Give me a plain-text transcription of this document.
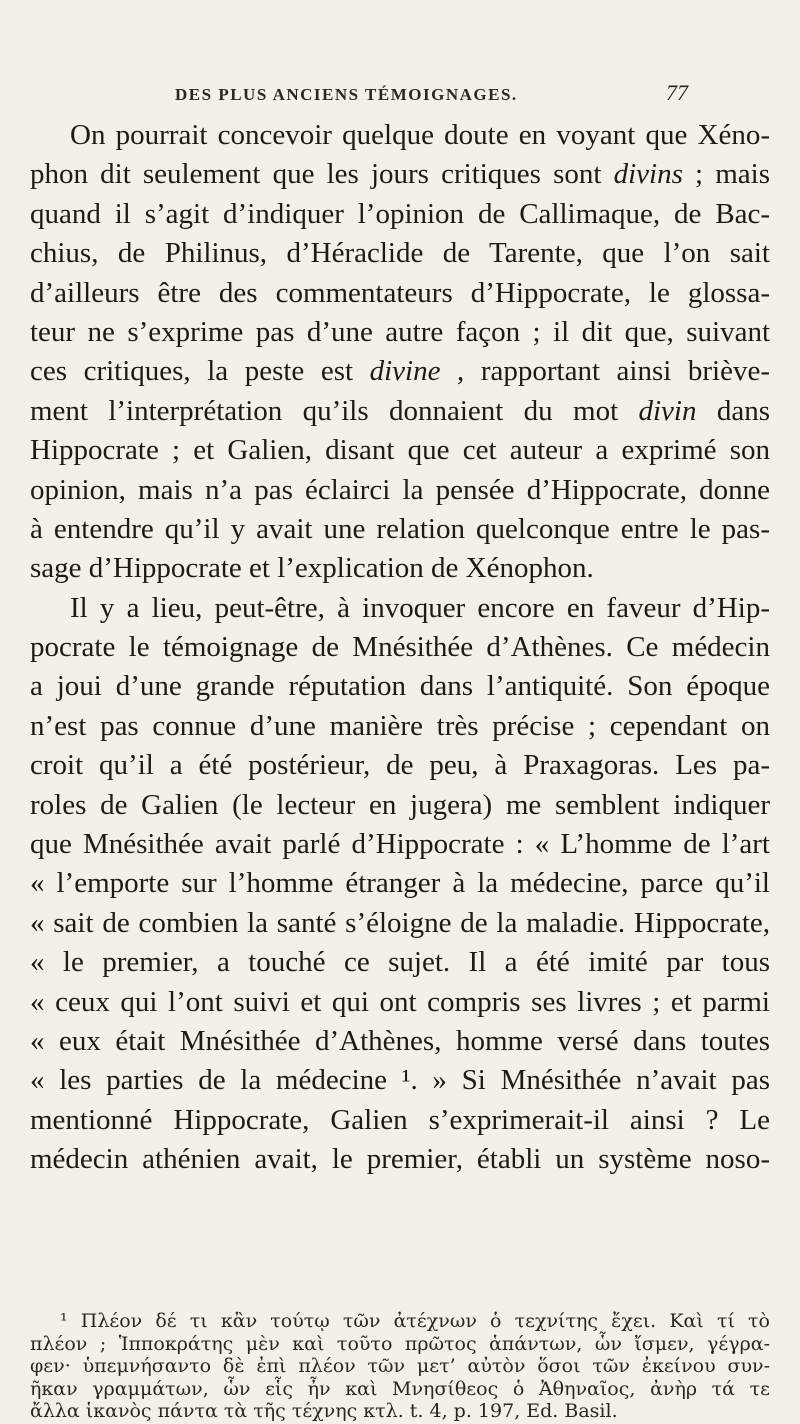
DES PLUS ANCIENS TÉMOIGNAGES.	77
On pourrait concevoir quelque doute en voyant que Xéno-
phon dit seulement que les jours critiques sont divins ; mais
quand il s’agit d’indiquer l’opinion de Callimaque, de Bac-
chius, de Philinus, d’Héraclide de Tarente, que l’on sait
d’ailleurs être des commentateurs d’Hippocrate, le glossa-
teur ne s’exprime pas d’une autre façon ; il dit que, suivant
ces critiques, la peste est divine , rapportant ainsi briève-
ment l’interprétation qu’ils donnaient du mot divin dans
Hippocrate ; et Galien, disant que cet auteur a exprimé son
opinion, mais n’a pas éclairci la pensée d’Hippocrate, donne
à entendre qu’il y avait une relation quelconque entre le pas-
sage d’Hippocrate et l’explication de Xénophon.
Il y a lieu, peut-être, à invoquer encore en faveur d’Hip-
pocrate le témoignage de Mnésithée d’Athènes. Ce médecin
a joui d’une grande réputation dans l’antiquité. Son époque
n’est pas connue d’une manière très précise ; cependant on
croit qu’il a été postérieur, de peu, à Praxagoras. Les pa-
roles de Galien (le lecteur en jugera) me semblent indiquer
que Mnésithée avait parlé d’Hippocrate : « L’homme de l’art
« l’emporte sur l’homme étranger à la médecine, parce qu’il
« sait de combien la santé s’éloigne de la maladie. Hippocrate,
« le premier, a touché ce sujet. Il a été imité par tous
« ceux qui l’ont suivi et qui ont compris ses livres ; et parmi
« eux était Mnésithée d’Athènes, homme versé dans toutes
« les parties de la médecine ¹. » Si Mnésithée n’avait pas
mentionné Hippocrate, Galien s’exprimerait-il ainsi ? Le
médecin athénien avait, le premier, établi un système noso-
¹ Πλέον δέ τι κἂν τούτῳ τῶν ἀτέχνων ὁ τεχνίτης ἔχει. Καὶ τί τὸ
πλέον ; Ἱπποκράτης μὲν καὶ τοῦτο πρῶτος ἁπάντων, ὧν ἴσμεν, γέγρα-
φεν· ὑπεμνήσαντο δὲ ἐπὶ πλέον τῶν μετ’ αὐτὸν ὅσοι τῶν ἐκείνου συν-
ῆκαν γραμμάτων, ὧν εἷς ἦν καὶ Μνησίθεος ὁ Ἀθηναῖος, ἀνὴρ τά τε
ἄλλα ἱκανὸς πάντα τὰ τῆς τέχνης κτλ. t. 4, p. 197, Ed. Basil.
